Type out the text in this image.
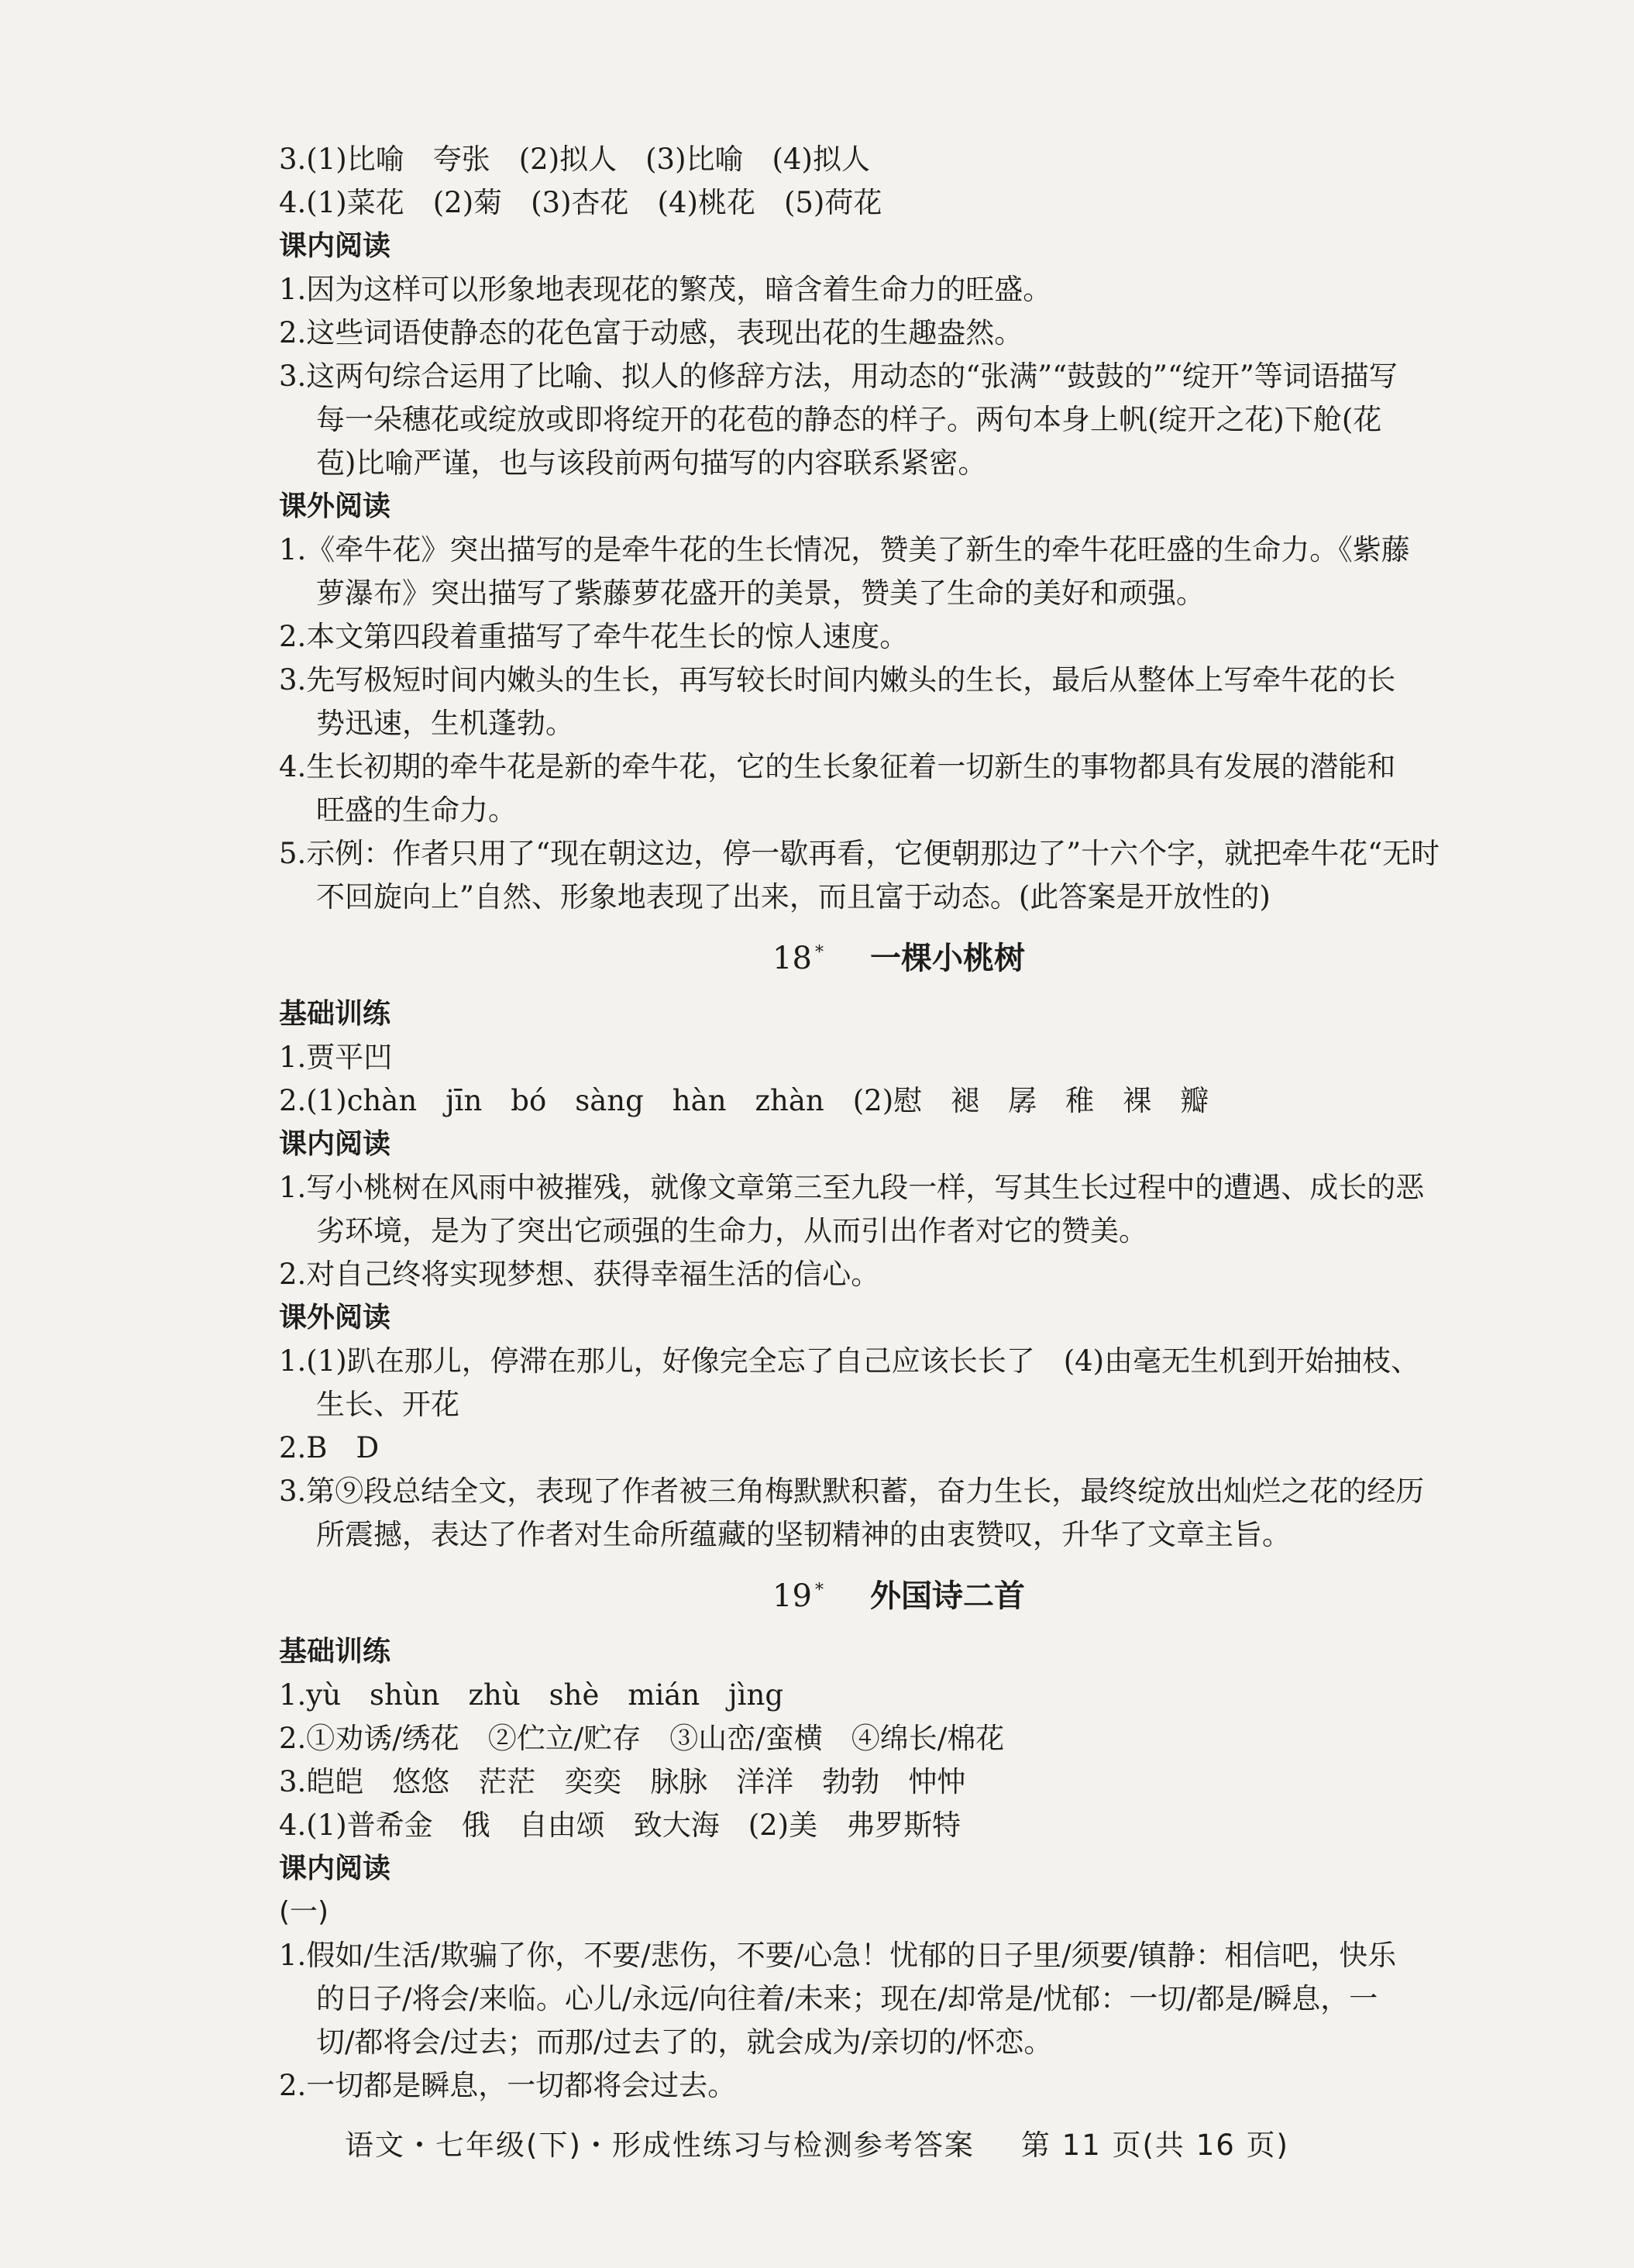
3.(1)比喻　夸张　(2)拟人　(3)比喻　(4)拟人
4.(1)菜花　(2)菊　(3)杏花　(4)桃花　(5)荷花
课内阅读
1.因为这样可以形象地表现花的繁茂，暗含着生命力的旺盛。
2.这些词语使静态的花色富于动感，表现出花的生趣盎然。
3.这两句综合运用了比喻、拟人的修辞方法，用动态的“张满”“鼓鼓的”“绽开”等词语描写
每一朵穗花或绽放或即将绽开的花苞的静态的样子。两句本身上帆(绽开之花)下舱(花
苞)比喻严谨，也与该段前两句描写的内容联系紧密。
课外阅读
1.《牵牛花》突出描写的是牵牛花的生长情况，赞美了新生的牵牛花旺盛的生命力。《紫藤
萝瀑布》突出描写了紫藤萝花盛开的美景，赞美了生命的美好和顽强。
2.本文第四段着重描写了牵牛花生长的惊人速度。
3.先写极短时间内嫩头的生长，再写较长时间内嫩头的生长，最后从整体上写牵牛花的长
势迅速，生机蓬勃。
4.生长初期的牵牛花是新的牵牛花，它的生长象征着一切新生的事物都具有发展的潜能和
旺盛的生命力。
5.示例：作者只用了“现在朝这边，停一歇再看，它便朝那边了”十六个字，就把牵牛花“无时
不回旋向上”自然、形象地表现了出来，而且富于动态。(此答案是开放性的)
18 * 一棵小桃树
基础训练
1.贾平凹
2.(1)chàn　jīn　bó　sàng　hàn　zhàn　(2)慰　褪　孱　稚　裸　瓣
课内阅读
1.写小桃树在风雨中被摧残，就像文章第三至九段一样，写其生长过程中的遭遇、成长的恶
劣环境，是为了突出它顽强的生命力，从而引出作者对它的赞美。
2.对自己终将实现梦想、获得幸福生活的信心。
课外阅读
1.(1)趴在那儿，停滞在那儿，好像完全忘了自己应该长长了　(4)由毫无生机到开始抽枝、
生长、开花
2.B　D
3.第⑨段总结全文，表现了作者被三角梅默默积蓄，奋力生长，最终绽放出灿烂之花的经历
所震撼，表达了作者对生命所蕴藏的坚韧精神的由衷赞叹，升华了文章主旨。
19 * 外国诗二首
基础训练
1.yù　shùn　zhù　shè　mián　jìng
2.①劝诱/绣花　②伫立/贮存　③山峦/蛮横　④绵长/棉花
3.皑皑　悠悠　茫茫　奕奕　脉脉　洋洋　勃勃　忡忡
4.(1)普希金　俄　自由颂　致大海　(2)美　弗罗斯特
课内阅读
(一)
1.假如/生活/欺骗了你，不要/悲伤，不要/心急！忧郁的日子里/须要/镇静：相信吧，快乐
的日子/将会/来临。心儿/永远/向往着/未来；现在/却常是/忧郁：一切/都是/瞬息，一
切/都将会/过去；而那/过去了的，就会成为/亲切的/怀恋。
2.一切都是瞬息，一切都将会过去。
语文・七年级(下)・形成性练习与检测参考答案 第 11 页(共 16 页)
